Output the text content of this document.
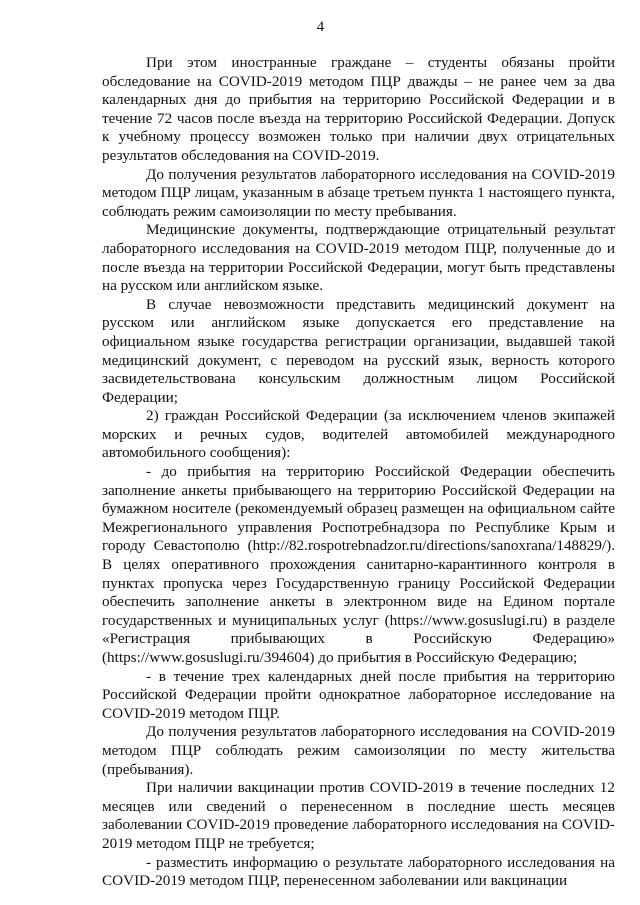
4

При этом иностранные граждане – студенты обязаны пройти обследование на COVID-2019 методом ПЦР дважды – не ранее чем за два календарных дня до прибытия на территорию Российской Федерации и в течение 72 часов после въезда на территорию Российской Федерации. Допуск к учебному процессу возможен только при наличии двух отрицательных результатов обследования на COVID-2019.

До получения результатов лабораторного исследования на COVID-2019 методом ПЦР лицам, указанным в абзаце третьем пункта 1 настоящего пункта, соблюдать режим самоизоляции по месту пребывания.

Медицинские документы, подтверждающие отрицательный результат лабораторного исследования на COVID-2019 методом ПЦР, полученные до и после въезда на территории Российской Федерации, могут быть представлены на русском или английском языке.

В случае невозможности представить медицинский документ на русском или английском языке допускается его представление на официальном языке государства регистрации организации, выдавшей такой медицинский документ, с переводом на русский язык, верность которого засвидетельствована консульским должностным лицом Российской Федерации;

2) граждан Российской Федерации (за исключением членов экипажей морских и речных судов, водителей автомобилей международного автомобильного сообщения):

- до прибытия на территорию Российской Федерации обеспечить заполнение анкеты прибывающего на территорию Российской Федерации на бумажном носителе (рекомендуемый образец размещен на официальном сайте Межрегионального управления Роспотребнадзора по Республике Крым и городу Севастополю (http://82.rospotrebnadzor.ru/directions/sanoxrana/148829/). В целях оперативного прохождения санитарно-карантинного контроля в пунктах пропуска через Государственную границу Российской Федерации обеспечить заполнение анкеты в электронном виде на Едином портале государственных и муниципальных услуг (https://www.gosuslugi.ru) в разделе «Регистрация прибывающих в Российскую Федерацию» (https://www.gosuslugi.ru/394604) до прибытия в Российскую Федерацию;

- в течение трех календарных дней после прибытия на территорию Российской Федерации пройти однократное лабораторное исследование на COVID-2019 методом ПЦР.

До получения результатов лабораторного исследования на COVID-2019 методом ПЦР соблюдать режим самоизоляции по месту жительства (пребывания).

При наличии вакцинации против COVID-2019 в течение последних 12 месяцев или сведений о перенесенном в последние шесть месяцев заболевании COVID-2019 проведение лабораторного исследования на COVID-2019 методом ПЦР не требуется;

- разместить информацию о результате лабораторного исследования на COVID-2019 методом ПЦР, перенесенном заболевании или вакцинации
